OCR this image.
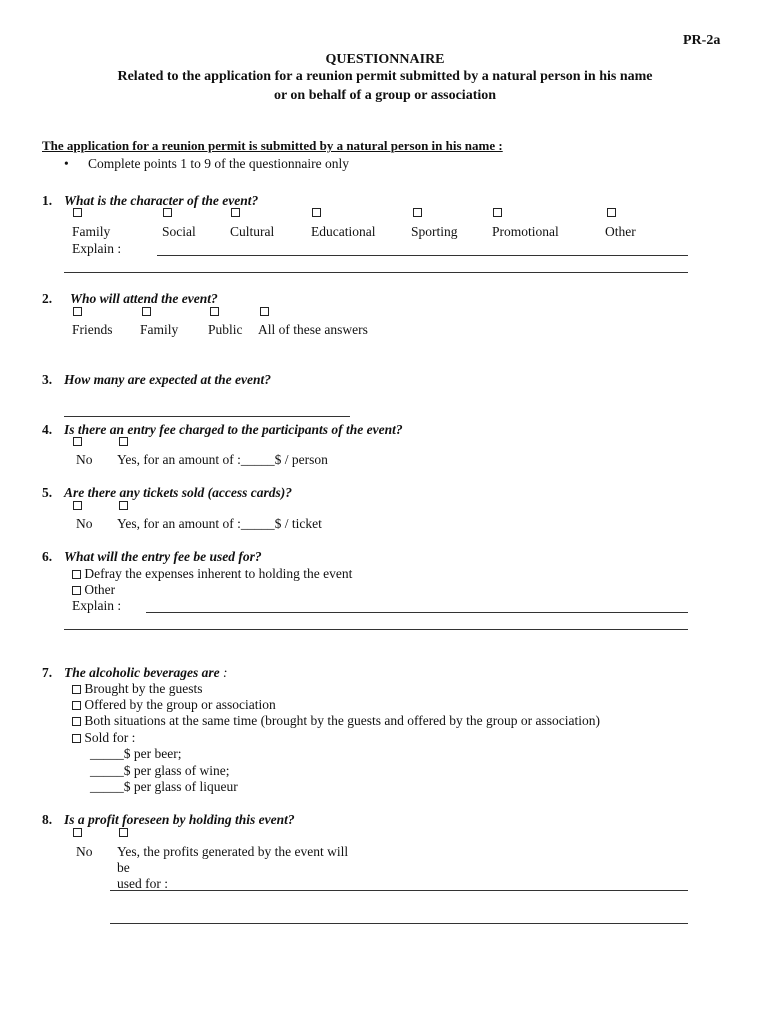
PR-2a
QUESTIONNAIRE
Related to the application for a reunion permit submitted by a natural person in his name
or on behalf of a group or association
The application for a reunion permit is submitted by a natural person in his name :
• Complete points 1 to 9 of the questionnaire only
1. What is the character of the event?
Family	Social	Cultural	Educational	Sporting	Promotional	Other
Explain :
2. Who will attend the event?
Friends Family Public All of these answers
3. How many are expected at the event?
4. Is there an entry fee charged to the participants of the event?
No Yes, for an amount of :_____$ / person
5. Are there any tickets sold (access cards)?
No Yes, for an amount of :_____$ / ticket
6. What will the entry fee be used for?
Defray the expenses inherent to holding the event
Other
Explain :
7. The alcoholic beverages are :
Brought by the guests
Offered by the group or association
Both situations at the same time (brought by the guests and offered by the group or association)
Sold for :
_____$ per beer;
_____$ per glass of wine;
_____$ per glass of liqueur
8. Is a profit foreseen by holding this event?
No Yes, the profits generated by the event will
be
used for :
